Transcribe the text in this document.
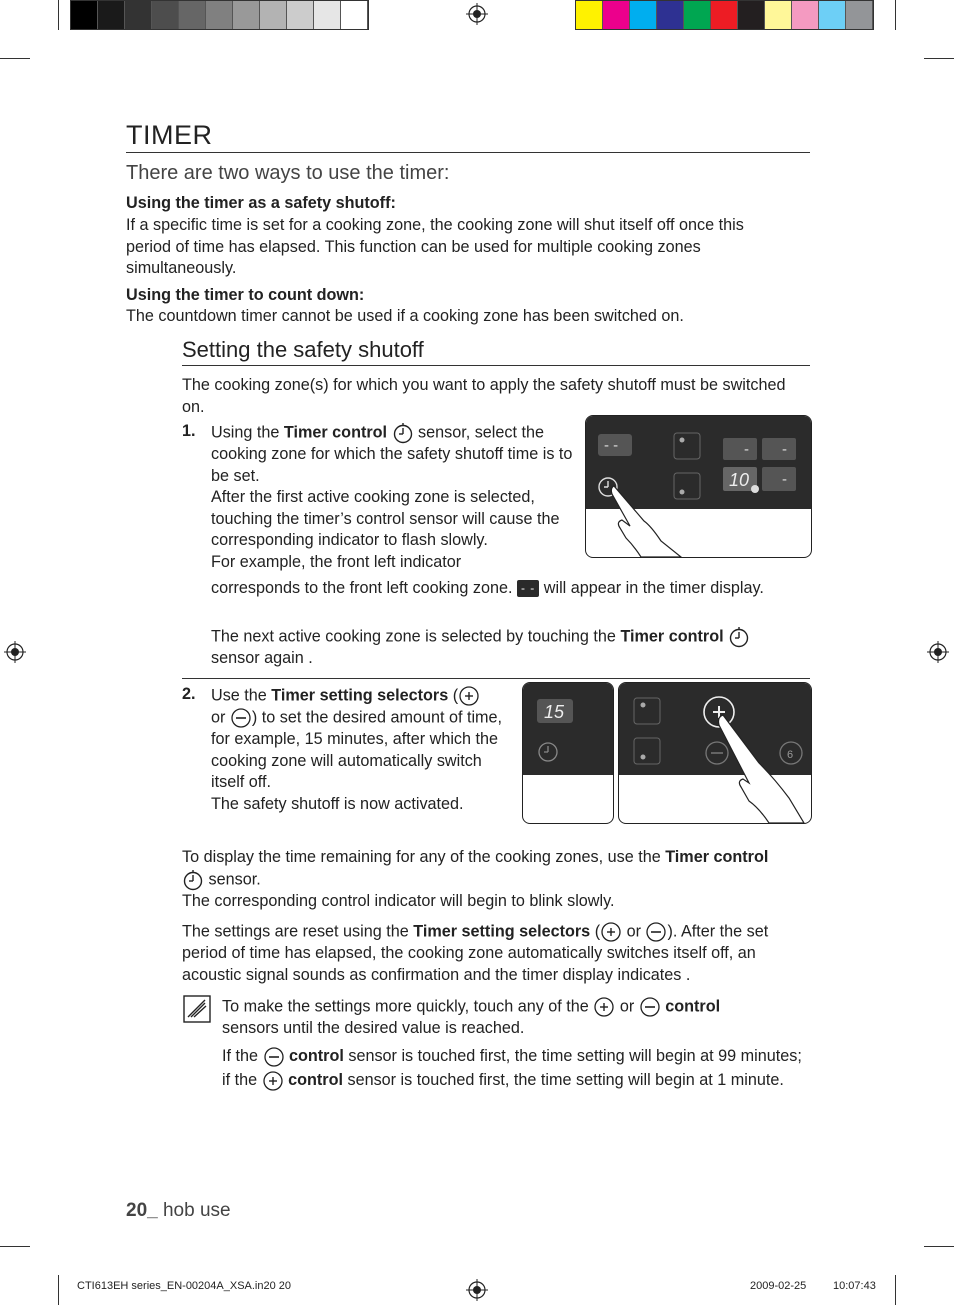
TIMER
There are two ways to use the timer:
Using the timer as a safety shutoff:
If a specific time is set for a cooking zone, the cooking zone will shut itself off once this period of time has elapsed. This function can be used for multiple cooking zones simultaneously.
Using the timer to count down:
The countdown timer cannot be used if a cooking zone has been switched on.
Setting the safety shutoff
The cooking zone(s) for which you want to apply the safety shutoff must be switched on.
1. Using the Timer control  sensor, select the cooking zone for which the safety shutoff time is to be set.
After the first active cooking zone is selected, touching the timer’s control sensor will cause the corresponding indicator to flash slowly.
For example, the front left indicator
corresponds to the front left cooking zone. - - will appear in the timer display.
The next active cooking zone is selected by touching the Timer control
sensor again .
- -	- -
10 -
2. Use the Timer setting selectors (
or ) to set the desired amount of time, for example, 15 minutes, after which the cooking zone will automatically switch itself off.
The safety shutoff is now activated.
15
6
To display the time remaining for any of the cooking zones, use the Timer control  sensor.
The corresponding control indicator will begin to blink slowly.
The settings are reset using the Timer setting selectors ( or ). After the set period of time has elapsed, the cooking zone automatically switches itself off, an acoustic signal sounds as confirmation and the timer display indicates .
To make the settings more quickly, touch any of the or control
sensors until the desired value is reached.
If the control sensor is touched first, the time setting will begin at 99 minutes; if the control sensor is touched first, the time setting will begin at 1 minute.
20_ hob use
CTI613EH series_EN-00204A_XSA.in20 20	2009-02-25 10:07:43
